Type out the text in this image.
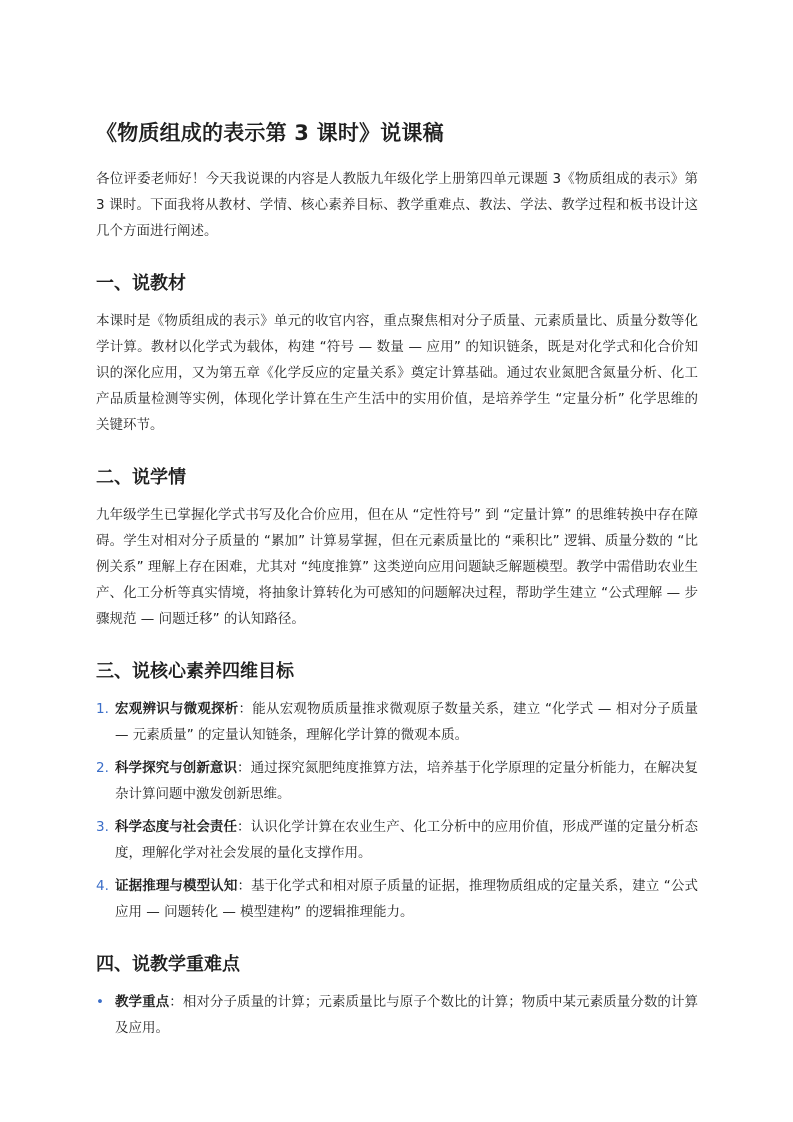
《物质组成的表示第 3 课时》说课稿

各位评委老师好！今天我说课的内容是人教版九年级化学上册第四单元课题 3《物质组成的表示》第 3 课时。下面我将从教材、学情、核心素养目标、教学重难点、教法、学法、教学过程和板书设计这几个方面进行阐述。

一、说教材

本课时是《物质组成的表示》单元的收官内容，重点聚焦相对分子质量、元素质量比、质量分数等化学计算。教材以化学式为载体，构建 “符号 — 数量 — 应用” 的知识链条，既是对化学式和化合价知识的深化应用，又为第五章《化学反应的定量关系》奠定计算基础。通过农业氮肥含氮量分析、化工产品质量检测等实例，体现化学计算在生产生活中的实用价值，是培养学生 “定量分析” 化学思维的关键环节。

二、说学情

九年级学生已掌握化学式书写及化合价应用，但在从 “定性符号” 到 “定量计算” 的思维转换中存在障碍。学生对相对分子质量的 “累加” 计算易掌握，但在元素质量比的 “乘积比” 逻辑、质量分数的 “比例关系” 理解上存在困难，尤其对 “纯度推算” 这类逆向应用问题缺乏解题模型。教学中需借助农业生产、化工分析等真实情境，将抽象计算转化为可感知的问题解决过程，帮助学生建立 “公式理解 — 步骤规范 — 问题迁移” 的认知路径。

三、说核心素养四维目标
1. 宏观辨识与微观探析：能从宏观物质质量推求微观原子数量关系，建立 “化学式 — 相对分子质量 — 元素质量” 的定量认知链条，理解化学计算的微观本质。
2. 科学探究与创新意识：通过探究氮肥纯度推算方法，培养基于化学原理的定量分析能力，在解决复杂计算问题中激发创新思维。
3. 科学态度与社会责任：认识化学计算在农业生产、化工分析中的应用价值，形成严谨的定量分析态度，理解化学对社会发展的量化支撑作用。
4. 证据推理与模型认知：基于化学式和相对原子质量的证据，推理物质组成的定量关系，建立 “公式应用 — 问题转化 — 模型建构” 的逻辑推理能力。
四、说教学重难点
• 教学重点：相对分子质量的计算；元素质量比与原子个数比的计算；物质中某元素质量分数的计算及应用。
